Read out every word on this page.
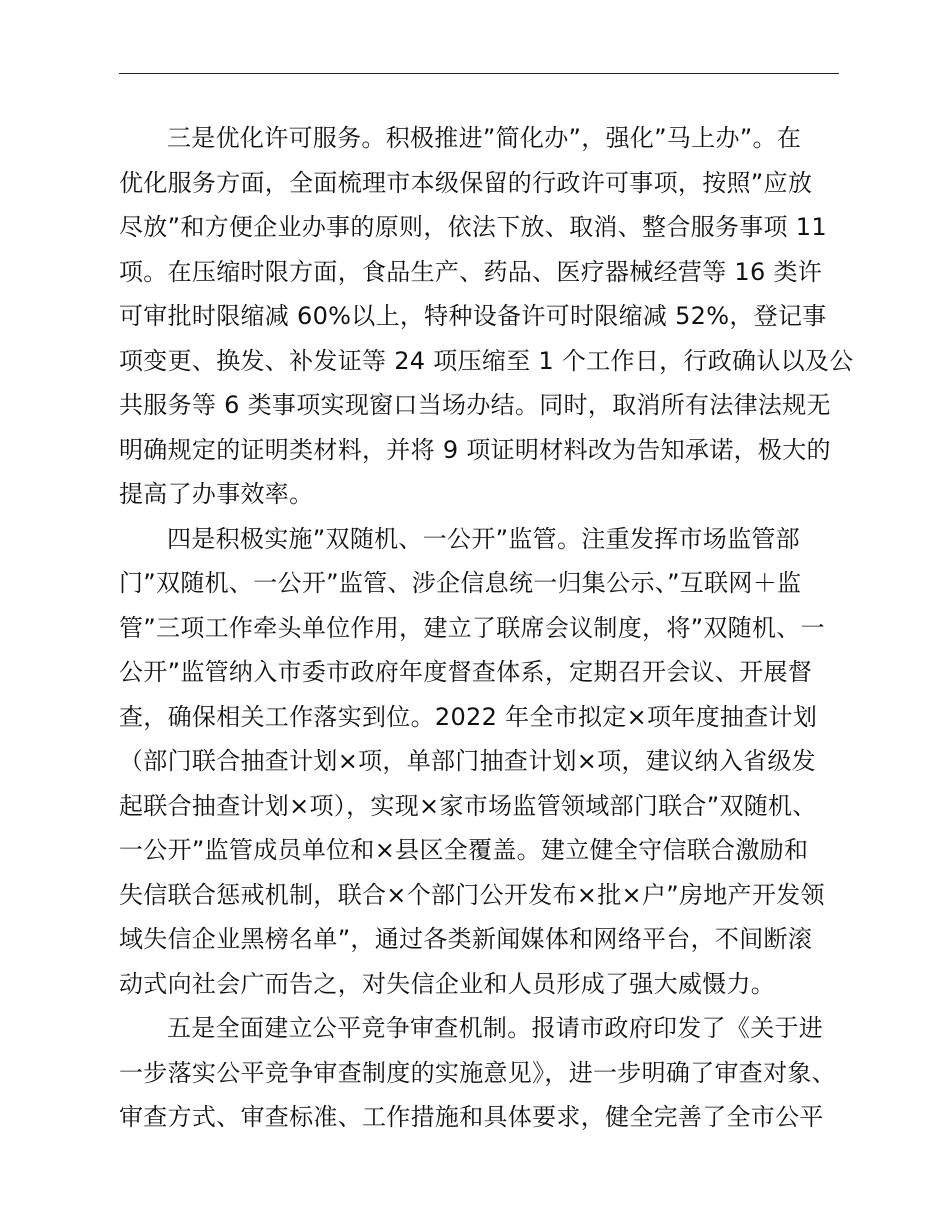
三是优化许可服务。积极推进”简化办”，强化”马上办”。在
优化服务方面，全面梳理市本级保留的行政许可事项，按照”应放
尽放”和方便企业办事的原则，依法下放、取消、整合服务事项 11
项。在压缩时限方面，食品生产、药品、医疗器械经营等 16 类许
可审批时限缩减 60%以上，特种设备许可时限缩减 52%，登记事
项变更、换发、补发证等 24 项压缩至 1 个工作日，行政确认以及公
共服务等 6 类事项实现窗口当场办结。同时，取消所有法律法规无
明确规定的证明类材料，并将 9 项证明材料改为告知承诺，极大的
提高了办事效率。
四是积极实施”双随机、一公开”监管。注重发挥市场监管部
门”双随机、一公开”监管、涉企信息统一归集公示、”互联网＋监
管”三项工作牵头单位作用，建立了联席会议制度，将”双随机、一
公开”监管纳入市委市政府年度督查体系，定期召开会议、开展督
查，确保相关工作落实到位。2022 年全市拟定×项年度抽查计划
（部门联合抽查计划×项，单部门抽查计划×项，建议纳入省级发
起联合抽查计划×项），实现×家市场监管领域部门联合”双随机、
一公开”监管成员单位和×县区全覆盖。建立健全守信联合激励和
失信联合惩戒机制，联合×个部门公开发布×批×户”房地产开发领
域失信企业黑榜名单”，通过各类新闻媒体和网络平台，不间断滚
动式向社会广而告之，对失信企业和人员形成了强大威慑力。
五是全面建立公平竞争审查机制。报请市政府印发了《关于进
一步落实公平竞争审查制度的实施意见》，进一步明确了审查对象、
审查方式、审查标准、工作措施和具体要求，健全完善了全市公平
